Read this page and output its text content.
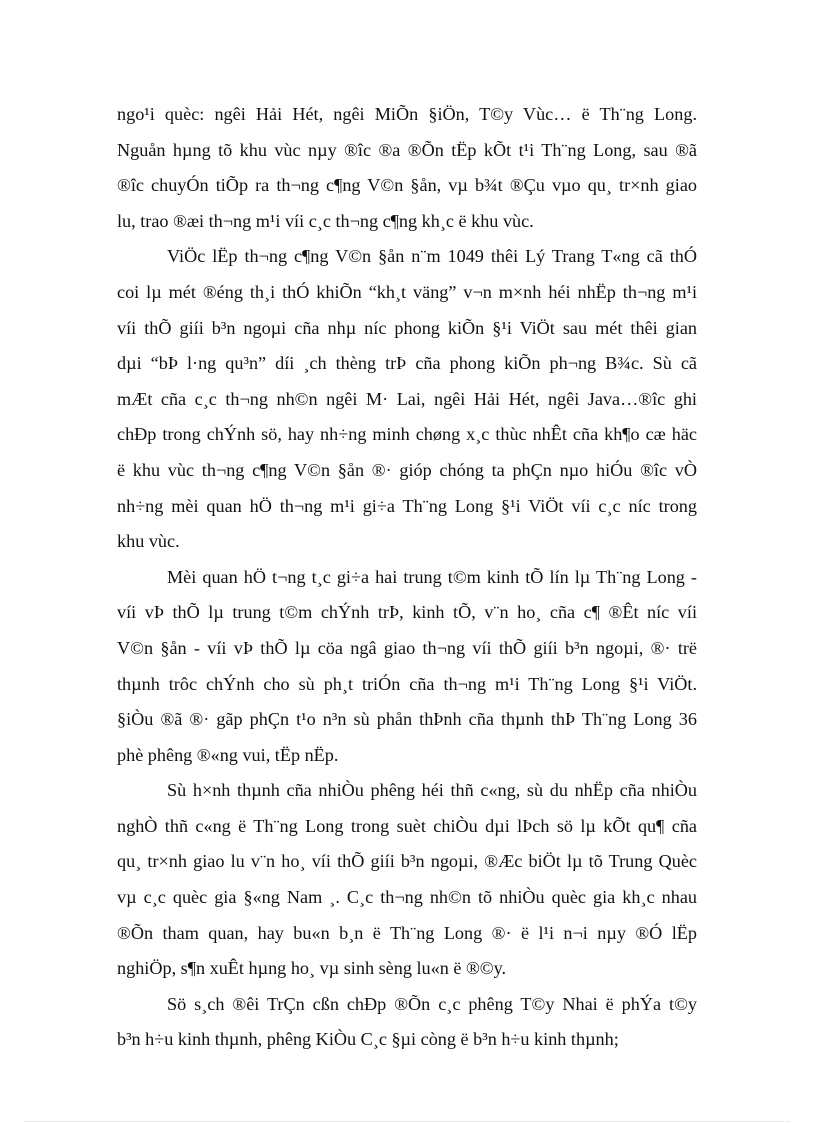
ngo¹i quèc: ngêi Hải Hét, ngêi MiÕn §iÖn, T©y Vùc… ë Th¨ng Long.
Nguån hµng tõ khu vùc nµy ®îc ®a ®Õn tËp kÕt t¹i Th¨ng Long, sau ®ã
®îc chuyÓn tiÕp ra th¬ng c¶ng V©n §ån, vµ b¾t ®Çu vµo qu¸ tr×nh giao
lu, trao ®æi th¬ng m¹i víi c¸c th¬ng c¶ng kh¸c ë khu vùc.
ViÖc lËp th¬ng c¶ng V©n §ån n¨m 1049 thêi Lý Trang T«ng cã thÓ
coi lµ mét ®éng th¸i thÓ khiÕn “kh¸t väng” v¬n m×nh héi nhËp th¬ng m¹i
víi thÕ giíi b³n ngoµi cña nhµ níc phong kiÕn §¹i ViÖt sau mét thêi gian
dµi “bÞ l·ng qu³n” díi ¸ch thèng trÞ cña phong kiÕn ph¬ng B¾c. Sù cã
mÆt cña c¸c th¬ng nh©n ngêi M· Lai, ngêi Hải Hét, ngêi Java…®îc ghi
chÐp trong chÝnh sö, hay nh÷ng minh chøng x¸c thùc nhÊt cña kh¶o cæ häc
ë khu vùc th¬ng c¶ng V©n §ån ®· gióp chóng ta phÇn nµo hiÓu ®îc vÒ
nh÷ng mèi quan hÖ th¬ng m¹i gi÷a Th¨ng Long §¹i ViÖt víi c¸c níc trong
khu vùc.
Mèi quan hÖ t¬ng t¸c gi÷a hai trung t©m kinh tÕ lín lµ Th¨ng Long -
víi vÞ thÕ lµ trung t©m chÝnh trÞ, kinh tÕ, v¨n ho¸ cña c¶ ®Êt níc víi
V©n §ån - víi vÞ thÕ lµ cöa ngâ giao th¬ng víi thÕ giíi b³n ngoµi, ®· trë
thµnh trôc chÝnh cho sù ph¸t triÓn cña th¬ng m¹i Th¨ng Long §¹i ViÖt.
§iÒu ®ã ®· gãp phÇn t¹o n³n sù phån thÞnh cña thµnh thÞ Th¨ng Long 36
phè phêng ®«ng vui, tËp nËp.
Sù h×nh thµnh cña nhiÒu phêng héi thñ c«ng, sù du nhËp cña nhiÒu
nghÒ thñ c«ng ë Th¨ng Long trong suèt chiÒu dµi lÞch sö lµ kÕt qu¶ cña
qu¸ tr×nh giao lu v¨n ho¸ víi thÕ giíi b³n ngoµi, ®Æc biÖt lµ tõ Trung Quèc
vµ c¸c quèc gia §«ng Nam ¸. C¸c th¬ng nh©n tõ nhiÒu quèc gia kh¸c nhau
®Õn tham quan, hay bu«n b¸n ë Th¨ng Long ®· ë l¹i n¬i nµy ®Ó lËp
nghiÖp, s¶n xuÊt hµng ho¸ vµ sinh sèng lu«n ë ®©y.
Sö s¸ch ®êi TrÇn cßn chÐp ®Õn c¸c phêng T©y Nhai ë phÝa t©y
b³n h÷u kinh thµnh, phêng KiÒu C¸c §µi còng ë b³n h÷u kinh thµnh;
